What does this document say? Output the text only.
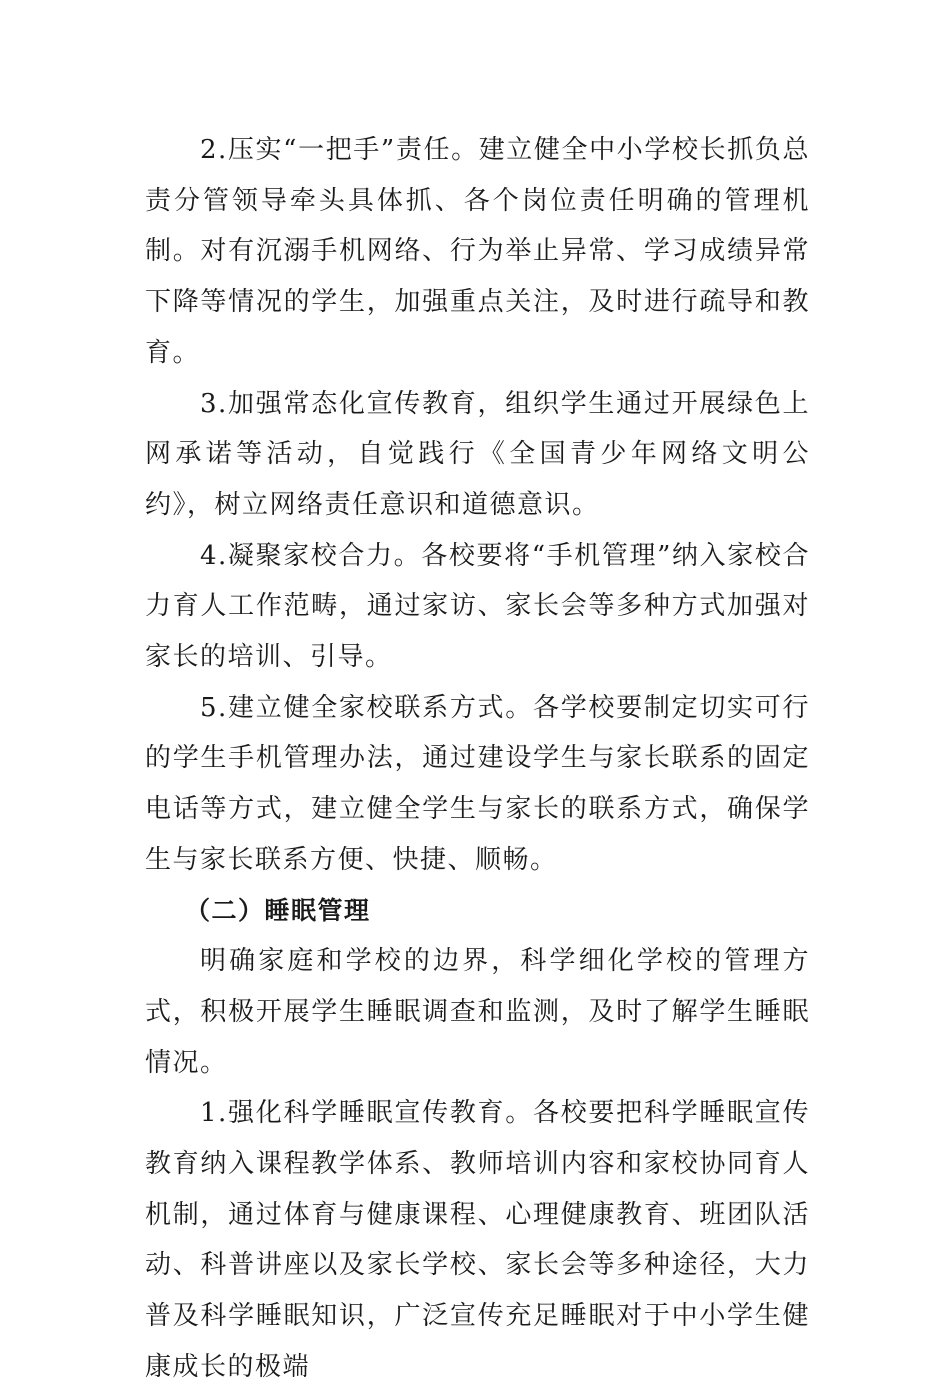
2.压实“一把手”责任。建立健全中小学校长抓负总责分管领导牵头具体抓、各个岗位责任明确的管理机制。对有沉溺手机网络、行为举止异常、学习成绩异常下降等情况的学生，加强重点关注，及时进行疏导和教育。

3.加强常态化宣传教育，组织学生通过开展绿色上网承诺等活动，自觉践行《全国青少年网络文明公约》，树立网络责任意识和道德意识。

4.凝聚家校合力。各校要将“手机管理”纳入家校合力育人工作范畴，通过家访、家长会等多种方式加强对家长的培训、引导。

5.建立健全家校联系方式。各学校要制定切实可行的学生手机管理办法，通过建设学生与家长联系的固定电话等方式，建立健全学生与家长的联系方式，确保学生与家长联系方便、快捷、顺畅。

（二）睡眠管理

明确家庭和学校的边界，科学细化学校的管理方式，积极开展学生睡眠调查和监测，及时了解学生睡眠情况。

1.强化科学睡眠宣传教育。各校要把科学睡眠宣传教育纳入课程教学体系、教师培训内容和家校协同育人机制，通过体育与健康课程、心理健康教育、班团队活动、科普讲座以及家长学校、家长会等多种途径，大力普及科学睡眠知识，广泛宣传充足睡眠对于中小学生健康成长的极端
